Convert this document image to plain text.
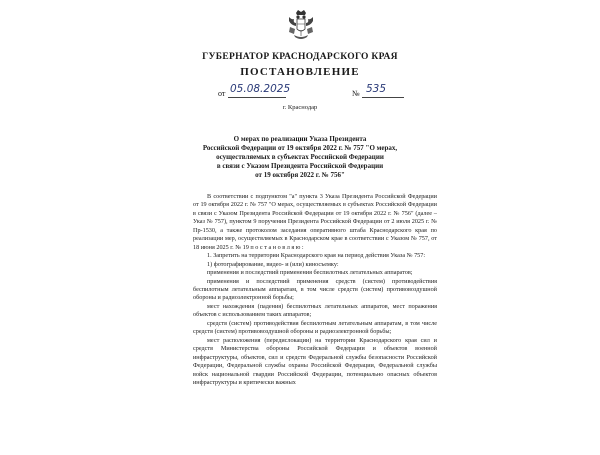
ГУБЕРНАТОР КРАСНОДАРСКОГО КРАЯ
ПОСТАНОВЛЕНИЕ
от 05.08.2025	№ 535
г. Краснодар
О мерах по реализации Указа Президента
Российской Федерации от 19 октября 2022 г. № 757 "О мерах,
осуществляемых в субъектах Российской Федерации
в связи с Указом Президента Российской Федерации
от 19 октября 2022 г. № 756"

В соответствии с подпунктом "а" пункта 3 Указа Президента Российской Федерации от 19 октября 2022 г. № 757 "О мерах, осуществляемых в субъектах Российской Федерации в связи с Указом Президента Российской Федерации от 19 октября 2022 г. № 756" (далее – Указ № 757), пунктом 9 поручения Президента Российской Федерации от 2 июля 2025 г. № Пр-1530, а также протоколом заседания оперативного штаба Краснодарского края по реализации мер, осуществляемых в Краснодарском крае в соответствии с Указом № 757, от 18 июня 2025 г. № 19 п о с т а н о в л я ю :

1. Запретить на территории Краснодарского края на период действия Указа № 757:

1) фотографирование, видео- и (или) киносъемку:

применения и последствий применения беспилотных летательных аппаратов;

применения и последствий применения средств (систем) противодействия беспилотным летательным аппаратам, в том числе средств (систем) противовоздушной обороны и радиоэлектронной борьбы;

мест нахождения (падения) беспилотных летательных аппаратов, мест поражения объектов с использованием таких аппаратов;

средств (систем) противодействия беспилотным летательным аппаратам, в том числе средств (систем) противовоздушной обороны и радиоэлектронной борьбы;

мест расположения (передислокации) на территории Краснодарского края сил и средств Министерства обороны Российской Федерации и объектов военной инфраструктуры, объектов, сил и средств Федеральной службы безопасности Российской Федерации, Федеральной службы охраны Российской Федерации, Федеральной службы войск национальной гвардии Российской Федерации, потенциально опасных объектов инфраструктуры и критически важных
